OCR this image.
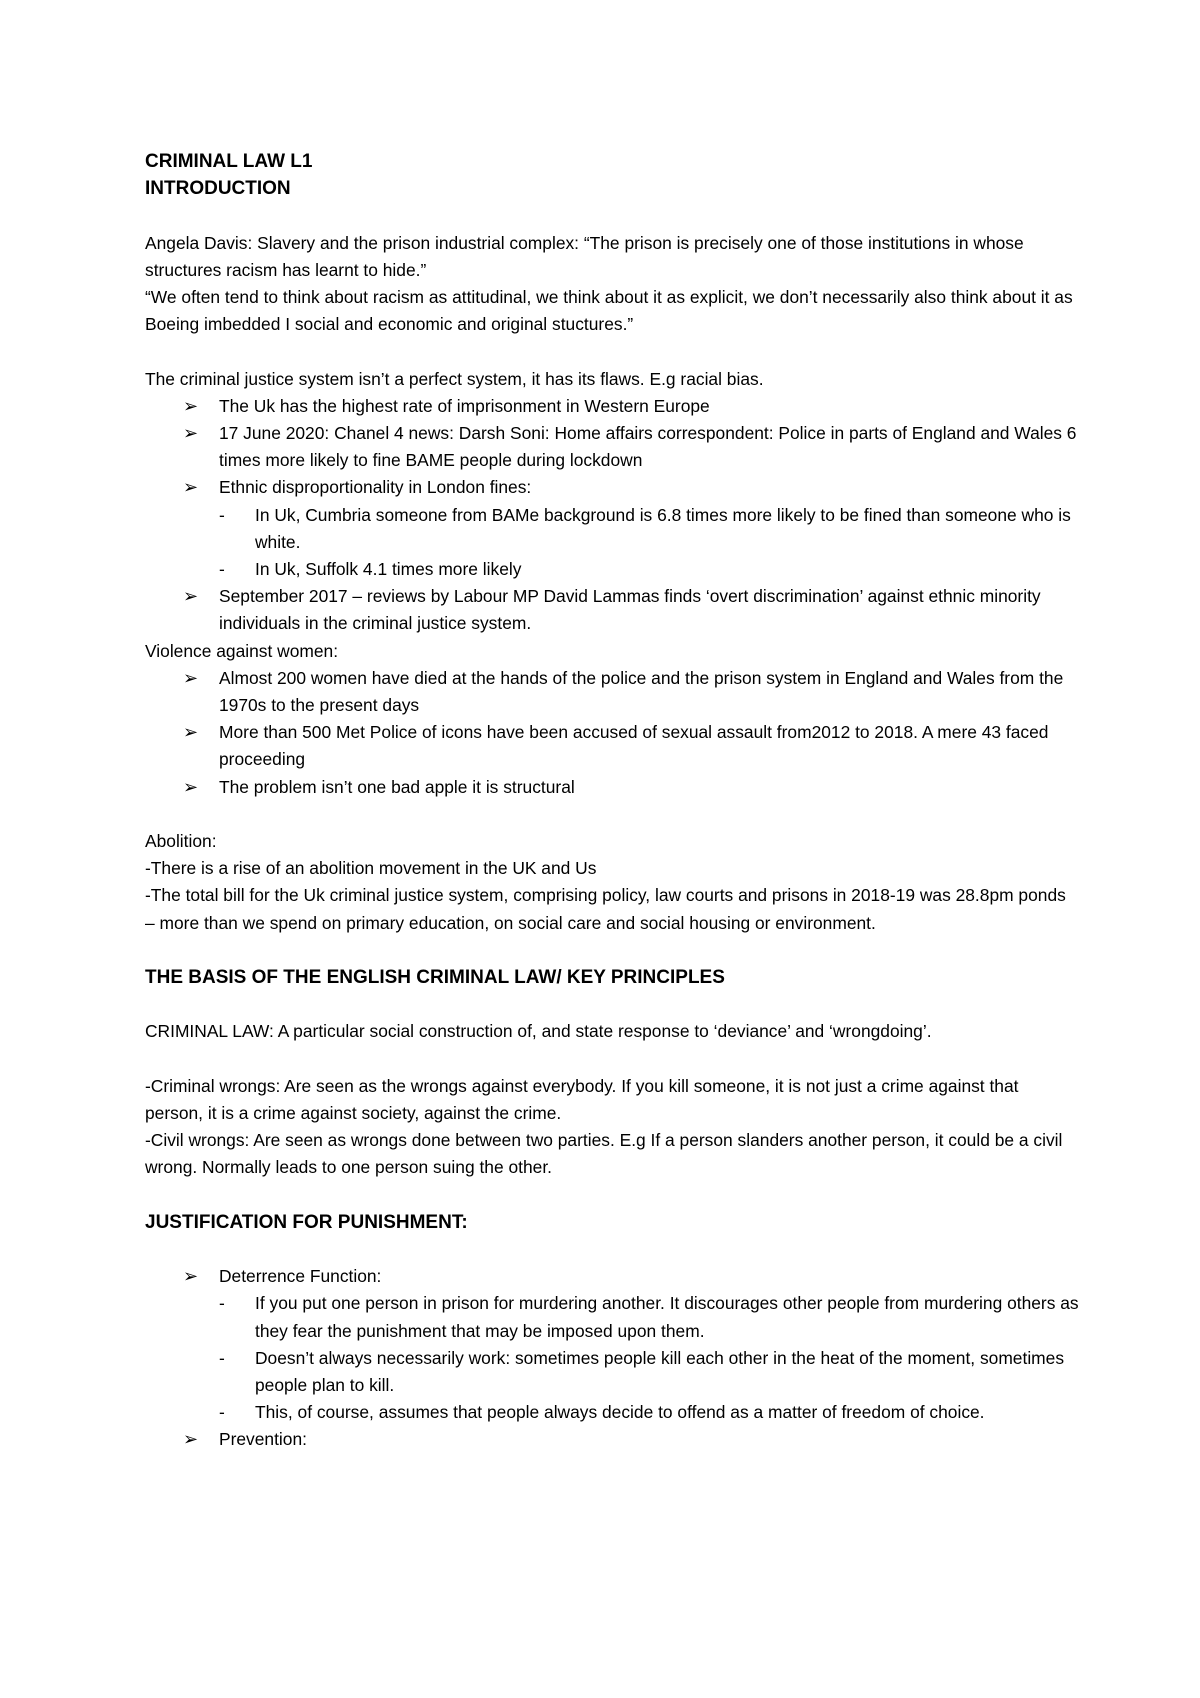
CRIMINAL LAW L1

INTRODUCTION

Angela Davis: Slavery and the prison industrial complex: “The prison is precisely one of those institutions in whose structures racism has learnt to hide.”

“We often tend to think about racism as attitudinal, we think about it as explicit, we don’t necessarily also think about it as Boeing imbedded I social and economic and original stuctures.”

The criminal justice system isn’t a perfect system, it has its flaws. E.g racial bias.

➢ The Uk has the highest rate of imprisonment in Western Europe
➢ 17 June 2020: Chanel 4 news: Darsh Soni: Home affairs correspondent: Police in parts of England and Wales 6 times more likely to fine BAME people during lockdown
➢ Ethnic disproportionality in London fines:
- In Uk, Cumbria someone from BAMe background is 6.8 times more likely to be fined than someone who is white.
- In Uk, Suffolk 4.1 times more likely
➢ September 2017 – reviews by Labour MP David Lammas finds ‘overt discrimination’ against ethnic minority individuals in the criminal justice system.

Violence against women:

➢ Almost 200 women have died at the hands of the police and the prison system in England and Wales from the 1970s to the present days
➢ More than 500 Met Police of icons have been accused of sexual assault from2012 to 2018. A mere 43 faced proceeding
➢ The problem isn’t one bad apple it is structural

Abolition:

-There is a rise of an abolition movement in the UK and Us

-The total bill for the Uk criminal justice system, comprising policy, law courts and prisons in 2018-19 was 28.8pm ponds – more than we spend on primary education, on social care and social housing or environment.

THE BASIS OF THE ENGLISH CRIMINAL LAW/ KEY PRINCIPLES

CRIMINAL LAW: A particular social construction of, and state response to ‘deviance’ and ‘wrongdoing’.

-Criminal wrongs: Are seen as the wrongs against everybody. If you kill someone, it is not just a crime against that person, it is a crime against society, against the crime.

-Civil wrongs: Are seen as wrongs done between two parties. E.g If a person slanders another person, it could be a civil wrong. Normally leads to one person suing the other.

JUSTIFICATION FOR PUNISHMENT:

➢ Deterrence Function:
- If you put one person in prison for murdering another. It discourages other people from murdering others as they fear the punishment that may be imposed upon them.
- Doesn’t always necessarily work: sometimes people kill each other in the heat of the moment, sometimes people plan to kill.
- This, of course, assumes that people always decide to offend as a matter of freedom of choice.
➢ Prevention:
